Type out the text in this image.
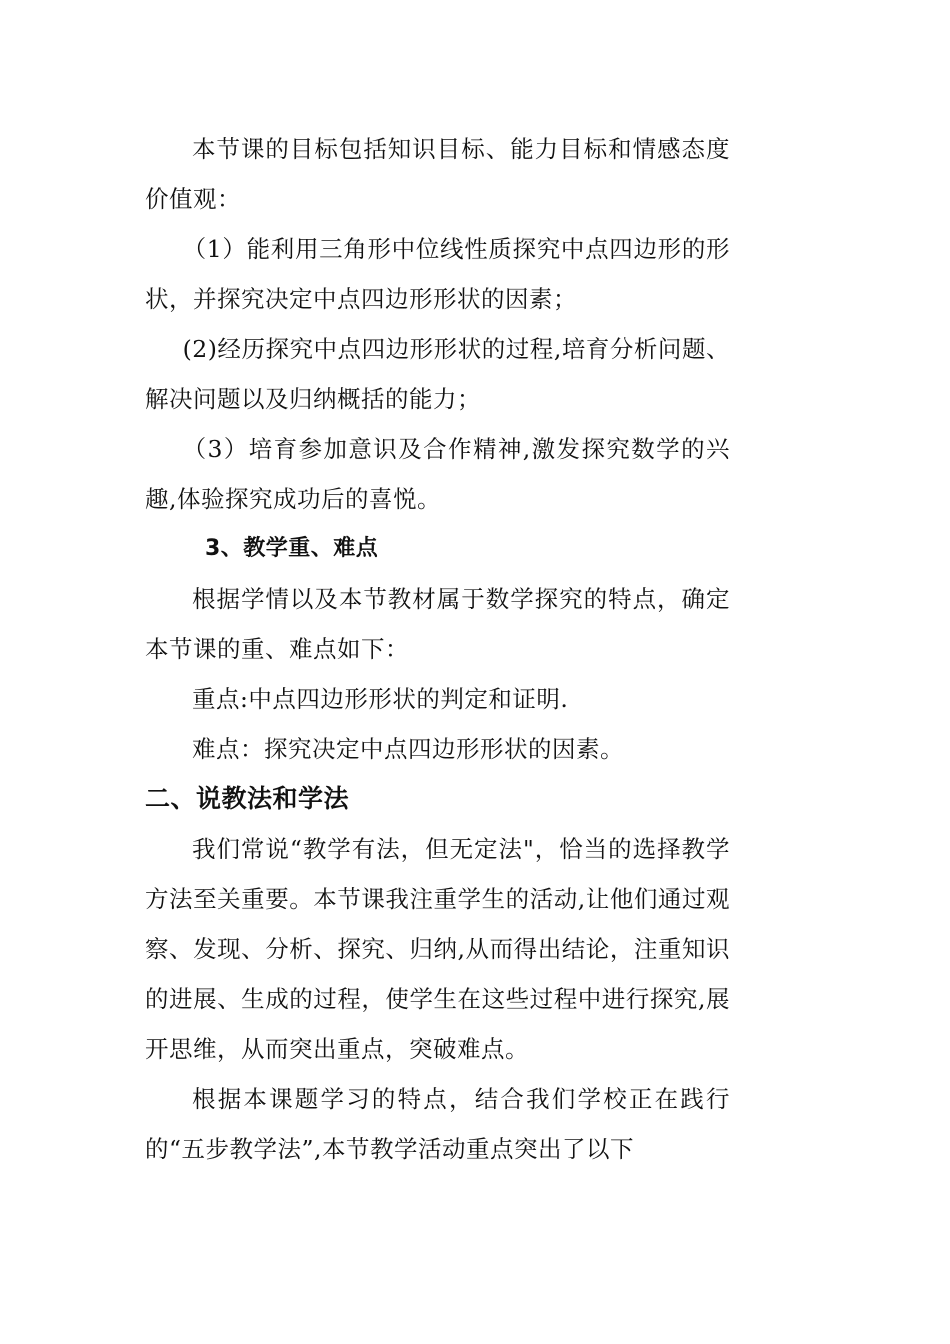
本节课的目标包括知识目标、能力目标和情感态度价值观：

（1）能利用三角形中位线性质探究中点四边形的形状，并探究决定中点四边形形状的因素；

(2)经历探究中点四边形形状的过程,培育分析问题、解决问题以及归纳概括的能力；

（3）培育参加意识及合作精神,激发探究数学的兴趣,体验探究成功后的喜悦。

3、教学重、难点

根据学情以及本节教材属于数学探究的特点，确定本节课的重、难点如下：

重点:中点四边形形状的判定和证明.

难点：探究决定中点四边形形状的因素。

二、说教法和学法

我们常说“教学有法，但无定法"，恰当的选择教学方法至关重要。本节课我注重学生的活动,让他们通过观察、发现、分析、探究、归纳,从而得出结论，注重知识的进展、生成的过程，使学生在这些过程中进行探究,展开思维，从而突出重点，突破难点。

根据本课题学习的特点，结合我们学校正在践行的“五步教学法”,本节教学活动重点突出了以下
